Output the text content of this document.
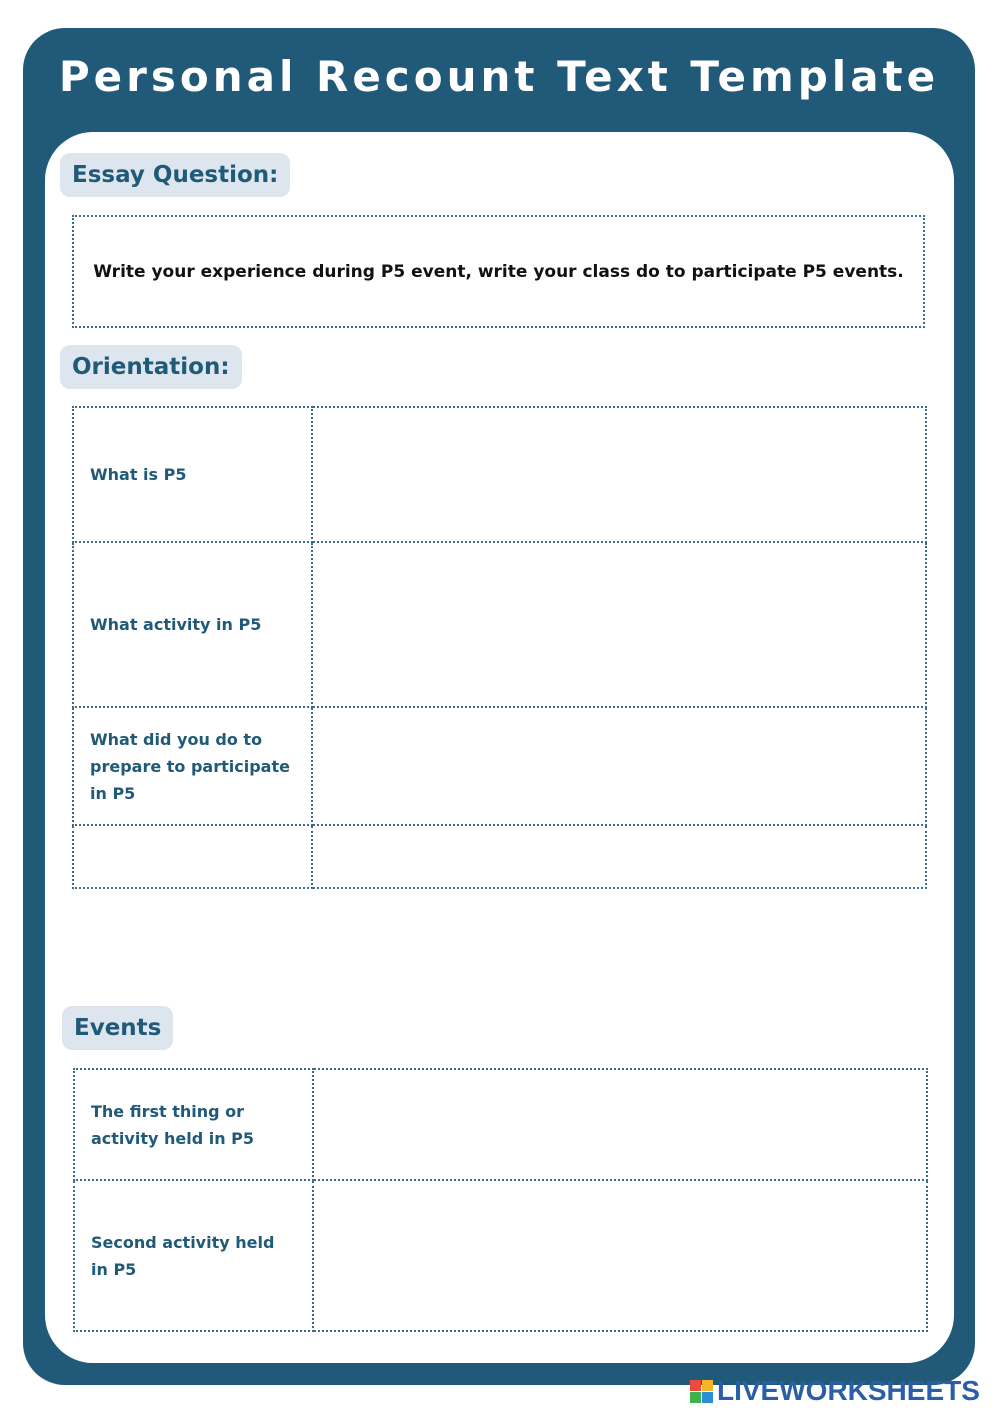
Personal Recount Text Template
Essay Question:
Write your experience during P5 event, write your class do to participate P5 events.
Orientation:
What is P5	
What activity in P5	
What did you do to prepare to participate in P5	

Events
The first thing or activity held in P5	
Second activity held in P5	
LIVEWORKSHEETS
